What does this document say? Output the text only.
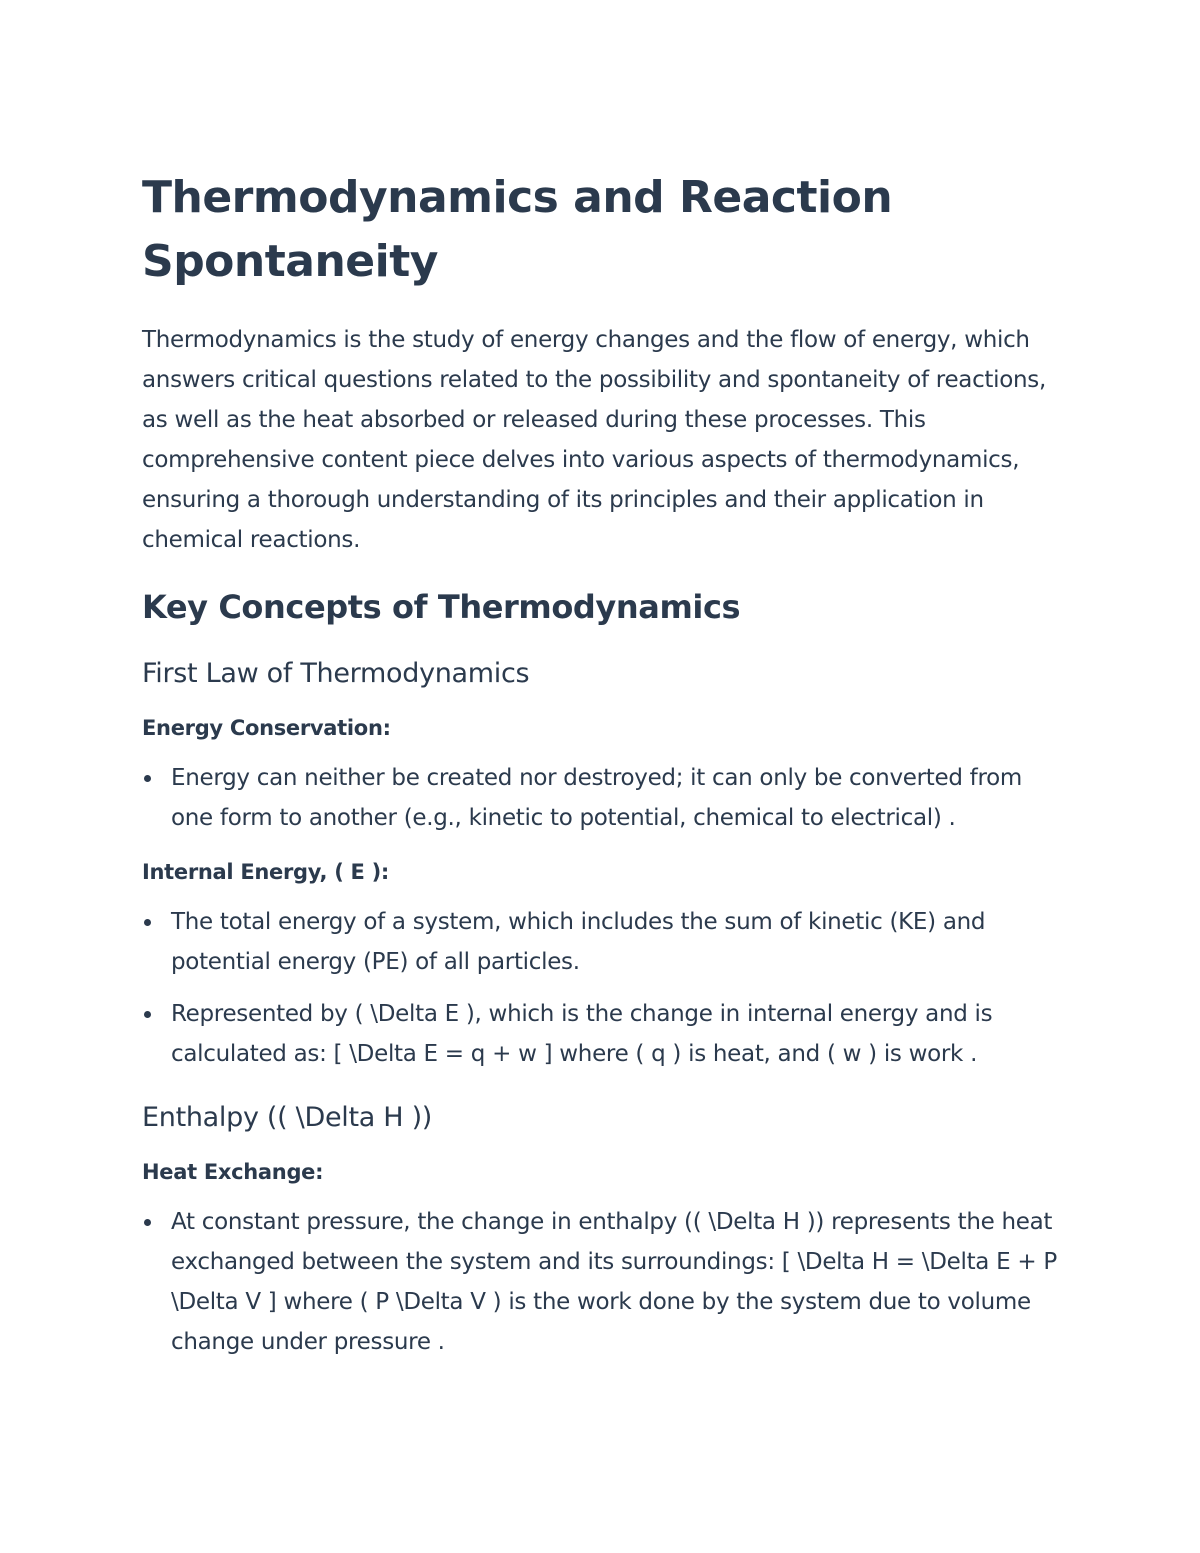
Thermodynamics and Reaction Spontaneity

Thermodynamics is the study of energy changes and the flow of energy, which answers critical questions related to the possibility and spontaneity of reactions, as well as the heat absorbed or released during these processes. This comprehensive content piece delves into various aspects of thermodynamics, ensuring a thorough understanding of its principles and their application in chemical reactions.

Key Concepts of Thermodynamics
First Law of Thermodynamics
Energy Conservation:
Energy can neither be created nor destroyed; it can only be converted from one form to another (e.g., kinetic to potential, chemical to electrical) .
Internal Energy, ( E ):
The total energy of a system, which includes the sum of kinetic (KE) and potential energy (PE) of all particles.
Represented by ( \Delta E ), which is the change in internal energy and is calculated as: [ \Delta E = q + w ] where ( q ) is heat, and ( w ) is work .
Enthalpy (( \Delta H ))
Heat Exchange:
At constant pressure, the change in enthalpy (( \Delta H )) represents the heat exchanged between the system and its surroundings: [ \Delta H = \Delta E + P \Delta V ] where ( P \Delta V ) is the work done by the system due to volume change under pressure .
